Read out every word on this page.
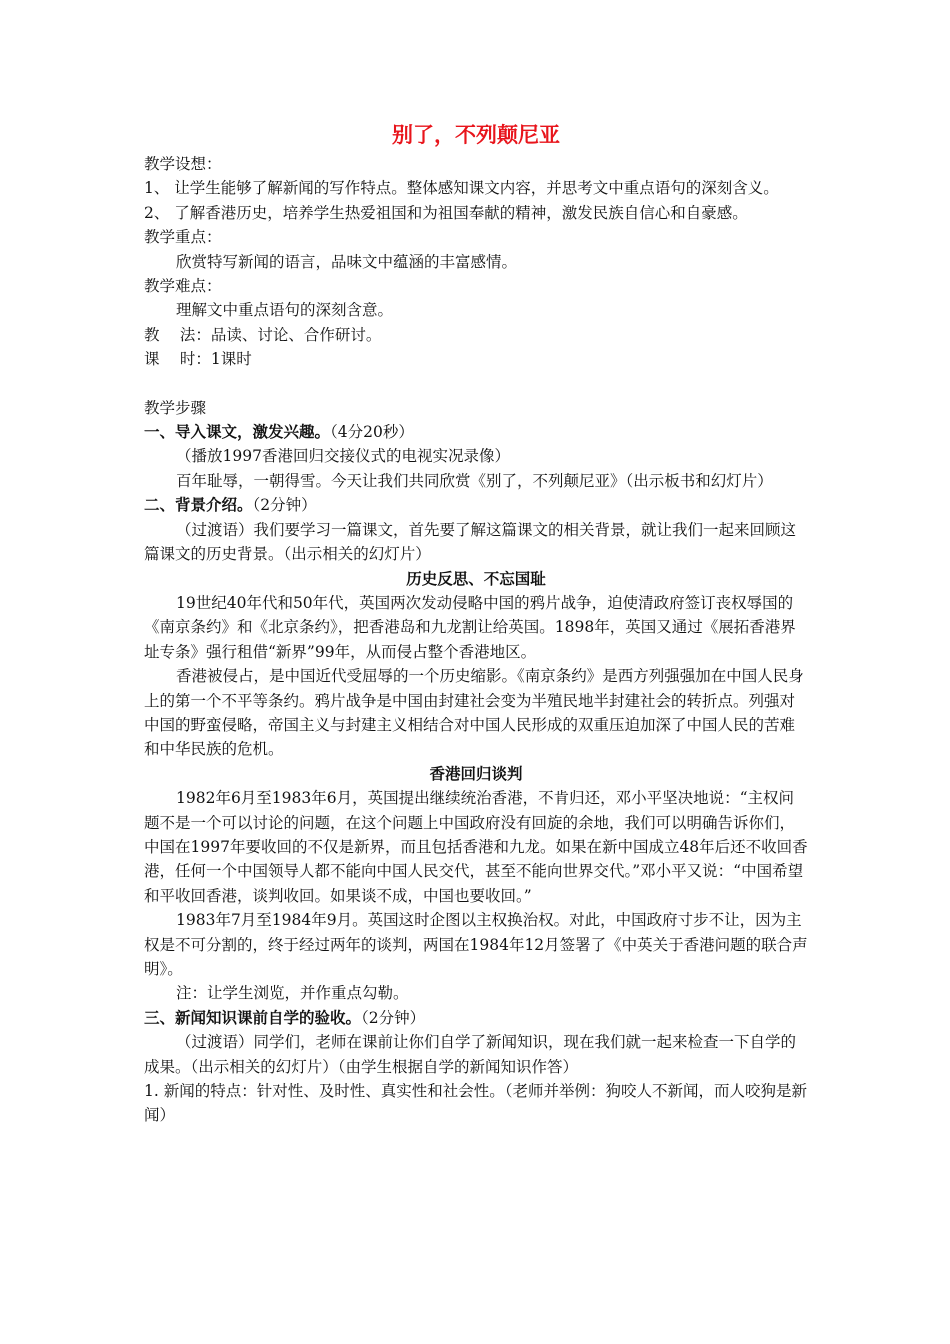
别了，不列颠尼亚

教学设想：

1、 让学生能够了解新闻的写作特点。整体感知课文内容，并思考文中重点语句的深刻含义。

2、 了解香港历史，培养学生热爱祖国和为祖国奉献的精神，激发民族自信心和自豪感。

教学重点：

欣赏特写新闻的语言，品味文中蕴涵的丰富感情。

教学难点：

理解文中重点语句的深刻含意。

教　 法：品读、讨论、合作研讨。

课　 时：1课时

教学步骤

一、导入课文，激发兴趣。（4分20秒）

（播放1997香港回归交接仪式的电视实况录像）

百年耻辱，一朝得雪。今天让我们共同欣赏《别了，不列颠尼亚》（出示板书和幻灯片）

二、背景介绍。（2分钟）

（过渡语）我们要学习一篇课文，首先要了解这篇课文的相关背景，就让我们一起来回顾这篇课文的历史背景。（出示相关的幻灯片）

历史反思、不忘国耻

19世纪40年代和50年代，英国两次发动侵略中国的鸦片战争，迫使清政府签订丧权辱国的《南京条约》和《北京条约》，把香港岛和九龙割让给英国。1898年，英国又通过《展拓香港界址专条》强行租借“新界”99年，从而侵占整个香港地区。

香港被侵占，是中国近代受屈辱的一个历史缩影。《南京条约》是西方列强强加在中国人民身上的第一个不平等条约。鸦片战争是中国由封建社会变为半殖民地半封建社会的转折点。列强对中国的野蛮侵略，帝国主义与封建主义相结合对中国人民形成的双重压迫加深了中国人民的苦难和中华民族的危机。

香港回归谈判

1982年6月至1983年6月，英国提出继续统治香港，不肯归还，邓小平坚决地说：“主权问题不是一个可以讨论的问题，在这个问题上中国政府没有回旋的余地，我们可以明确告诉你们，中国在1997年要收回的不仅是新界，而且包括香港和九龙。如果在新中国成立48年后还不收回香港，任何一个中国领导人都不能向中国人民交代，甚至不能向世界交代。”邓小平又说：“中国希望和平收回香港，谈判收回。如果谈不成，中国也要收回。”

1983年7月至1984年9月。英国这时企图以主权换治权。对此，中国政府寸步不让，因为主权是不可分割的，终于经过两年的谈判，两国在1984年12月签署了《中英关于香港问题的联合声明》。

注：让学生浏览，并作重点勾勒。

三、新闻知识课前自学的验收。（2分钟）

（过渡语）同学们，老师在课前让你们自学了新闻知识，现在我们就一起来检查一下自学的成果。（出示相关的幻灯片）（由学生根据自学的新闻知识作答）

1. 新闻的特点：针对性、及时性、真实性和社会性。（老师并举例：狗咬人不新闻，而人咬狗是新闻）
